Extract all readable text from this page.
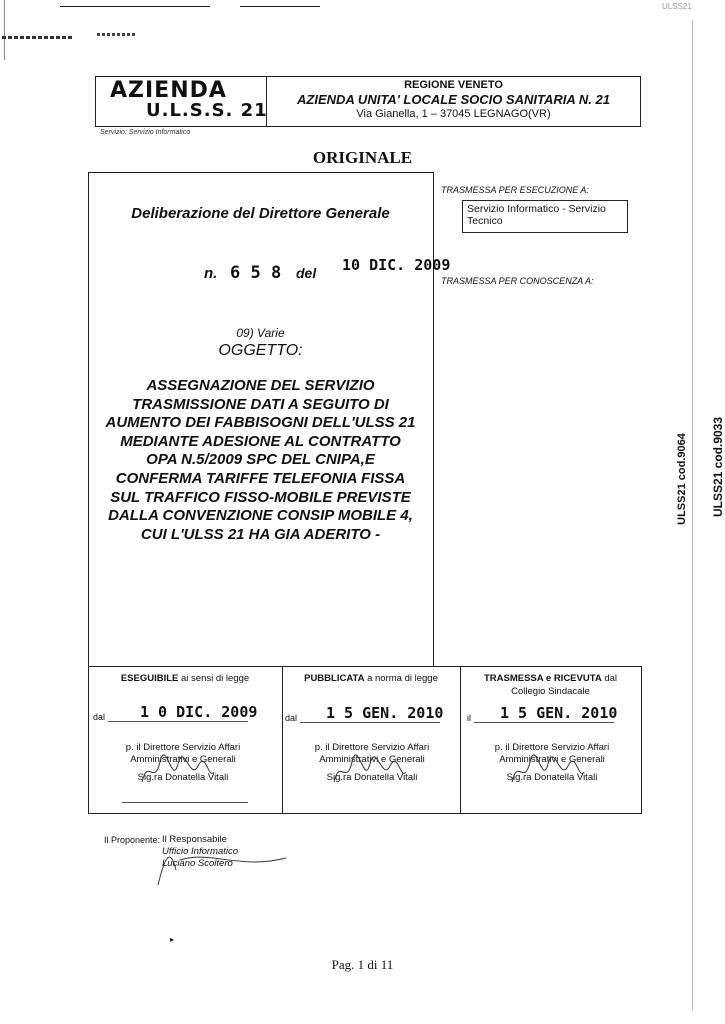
ULSS21
AZIENDA
U.L.S.S. 21
REGIONE VENETO
AZIENDA UNITA' LOCALE SOCIO SANITARIA N. 21
Via Gianella, 1 – 37045 LEGNAGO(VR)
Servizio: Servizio Informatico
ORIGINALE
Deliberazione del Direttore Generale
n. 6 5 8 del 10 DIC. 2009
09) Varie
OGGETTO:
ASSEGNAZIONE DEL SERVIZIO
TRASMISSIONE DATI A SEGUITO DI
AUMENTO DEI FABBISOGNI DELL'ULSS 21
MEDIANTE ADESIONE AL CONTRATTO
OPA N.5/2009 SPC DEL CNIPA,E
CONFERMA TARIFFE TELEFONIA FISSA
SUL TRAFFICO FISSO-MOBILE PREVISTE
DALLA CONVENZIONE CONSIP MOBILE 4,
CUI L'ULSS 21 HA GIA ADERITO -
TRASMESSA PER ESECUZIONE A:
Servizio Informatico - Servizio Tecnico
TRASMESSA PER CONOSCENZA A:
ULSS21 cod.9064 ULSS21 cod.9033
ESEGUIBILE ai sensi di legge
dal 1 0 DIC. 2009
p. il Direttore Servizio Affari
Amministrativi e Generali
Sig.ra Donatella Vitali
PUBBLICATA a norma di legge
dal 1 5 GEN. 2010
p. il Direttore Servizio Affari
Amministrativi e Generali
Sig.ra Donatella Vitali
TRASMESSA e RICEVUTA dal
Collegio Sindacale
il 1 5 GEN. 2010
p. il Direttore Servizio Affari
Amministrativi e Generali
Sig.ra Donatella Vitali
Il Proponente: Il Responsabile
Ufficio Informatico
Luciano Scoltero
▸
Pag. 1 di 11
